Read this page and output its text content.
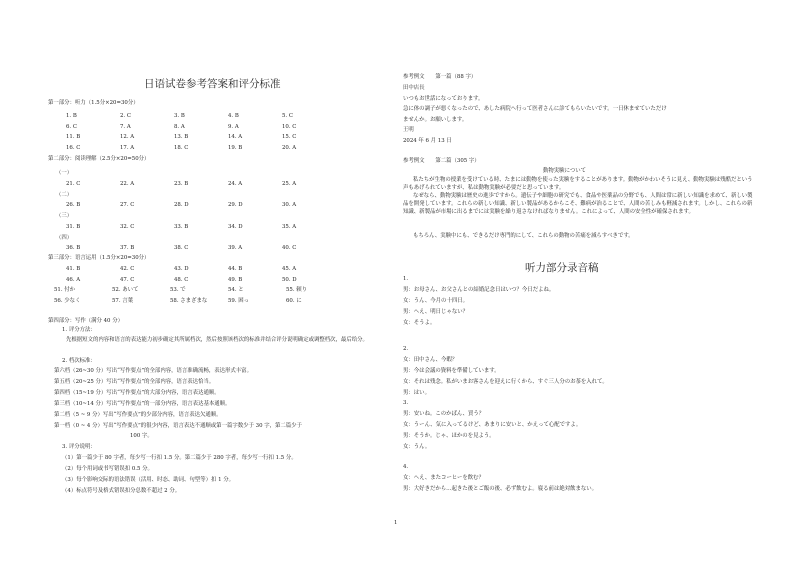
日语试卷参考答案和评分标准
第一部分：听力（1.5分×20=30分）
1. B	2. C	3. B	4. B	5. C
6. C	7. A	8. A	9. A	10. C
11. B	12. A	13. B	14. A	15. C
16. C	17. A	18. C	19. B	20. A
第二部分：阅读理解（2.5分×20=50分）
（一）
21. C	22. A	23. B	24. A	25. A
（二）
26. B	27. C	28. D	29. D	30. A
（三）
31. B	32. C	33. B	34. D	35. A
（四）
36. B	37. B	38. C	39. A	40. C
第三部分：语言运用（1.5分×20=30分）
41. B	42. C	43. D	44. B	45. A
46. A	47. C	48. C	49. B	50. D
51. 付か	52. あいて	53. で	54. と	55. 頼り
56. 少なく	57. 言葉	58. さまざまな	59. 困っ	60. に
第四部分：写作（满分 40 分）
1. 评分方法：
先根据短文的内容和语言的表达能力初步确定其所属档次，然后按照该档次的标准并结合评分说明确定或调整档次，最后给分。
2. 档次标准：
第六档（26~30 分）写出“写作要点”的全部内容，语言准确流畅，表达形式丰富。
第五档（20~25 分）写出“写作要点”的全部内容，语言表达恰当。
第四档（15~19 分）写出“写作要点”的大部分内容，语言表达通顺。
第三档（10~14 分）写出“写作要点”的一部分内容，语言表达基本通顺。
第二档（5 ~ 9 分）写出“写作要点”的少部分内容，语言表达欠通顺。
第一档（0 ~ 4 分）写出“写作要点”的很少内容，语言表达不通顺或第一篇字数少于 30 字，第二篇少于
100 字。
3. 评分说明：
（1）第一篇少于 80 字者，每少写一行扣 1.5 分。第二篇少于 280 字者，每少写一行扣 1.5 分。
（2）每个用词或书写错误扣 0.5 分。
（3）每个影响交际的语法错误（活用、时态、助词、句型等）扣 1 分。
（4）标点符号及格式错误扣分总数不超过 2 分。
参考例文　　第一篇（88 字）
田中店長
いつもお世話になっております。
急に体の調子が悪くなったので、あした病院へ行って医者さんに診てもらいたいです。一日休ませていただけ
ませんか。お願いします。
王明
2024 年 6 月 13 日
参考例文　　第二篇（305 字）
動物実験について
私たちが生物の授業を受けている時、たまには動物を使った実験をすることがあります。動物がかわいそうに見え、動物実験は残酷だという声もあげられていますが、私は動物実験が必要だと思っています。
なぜなら、動物実験は歴史の進歩ですから。遺伝子や細胞の研究でも、食品や医薬品の分野でも、人間は常に新しい知識を求めて、新しい製品を開発しています。これらの新しい知識、新しい製品があるからこそ、難病が治ることで、人間の苦しみも軽減されます。しかし、これらの新知識、新製品が市場に出るまでには実験を繰り返さなければなりません。これによって、人間の安全性が確保されます。
もちろん、実験中にも、できるだけ専門的にして、これらの動物の苦痛を減らすべきです。
听力部分录音稿
1.
男：お母さん、お父さんとの結婚記念日はいつ？今日だよね。
女：うん、今月の十四日。
男：へえ、明日じゃない？
女：そうよ。
2.
女：田中さん、今暇？
男：今は会議の資料を準備しています。
女：それは残念。私がいまお客さんを迎えに行くから、すぐ三人分のお茶を入れて。
男：はい。
3.
男：安いね。このかばん、買う？
女：うーん、気に入ってるけど、あまりに安いと、かえって心配ですよ。
男：そうか。じゃ、ほかのを見よう。
女：うん。
4.
女：へえ、またコーヒーを飲む？
男：大好きだから…起きた後とご飯の後、必ず飲むよ。寝る前は絶対飲まない。
1
